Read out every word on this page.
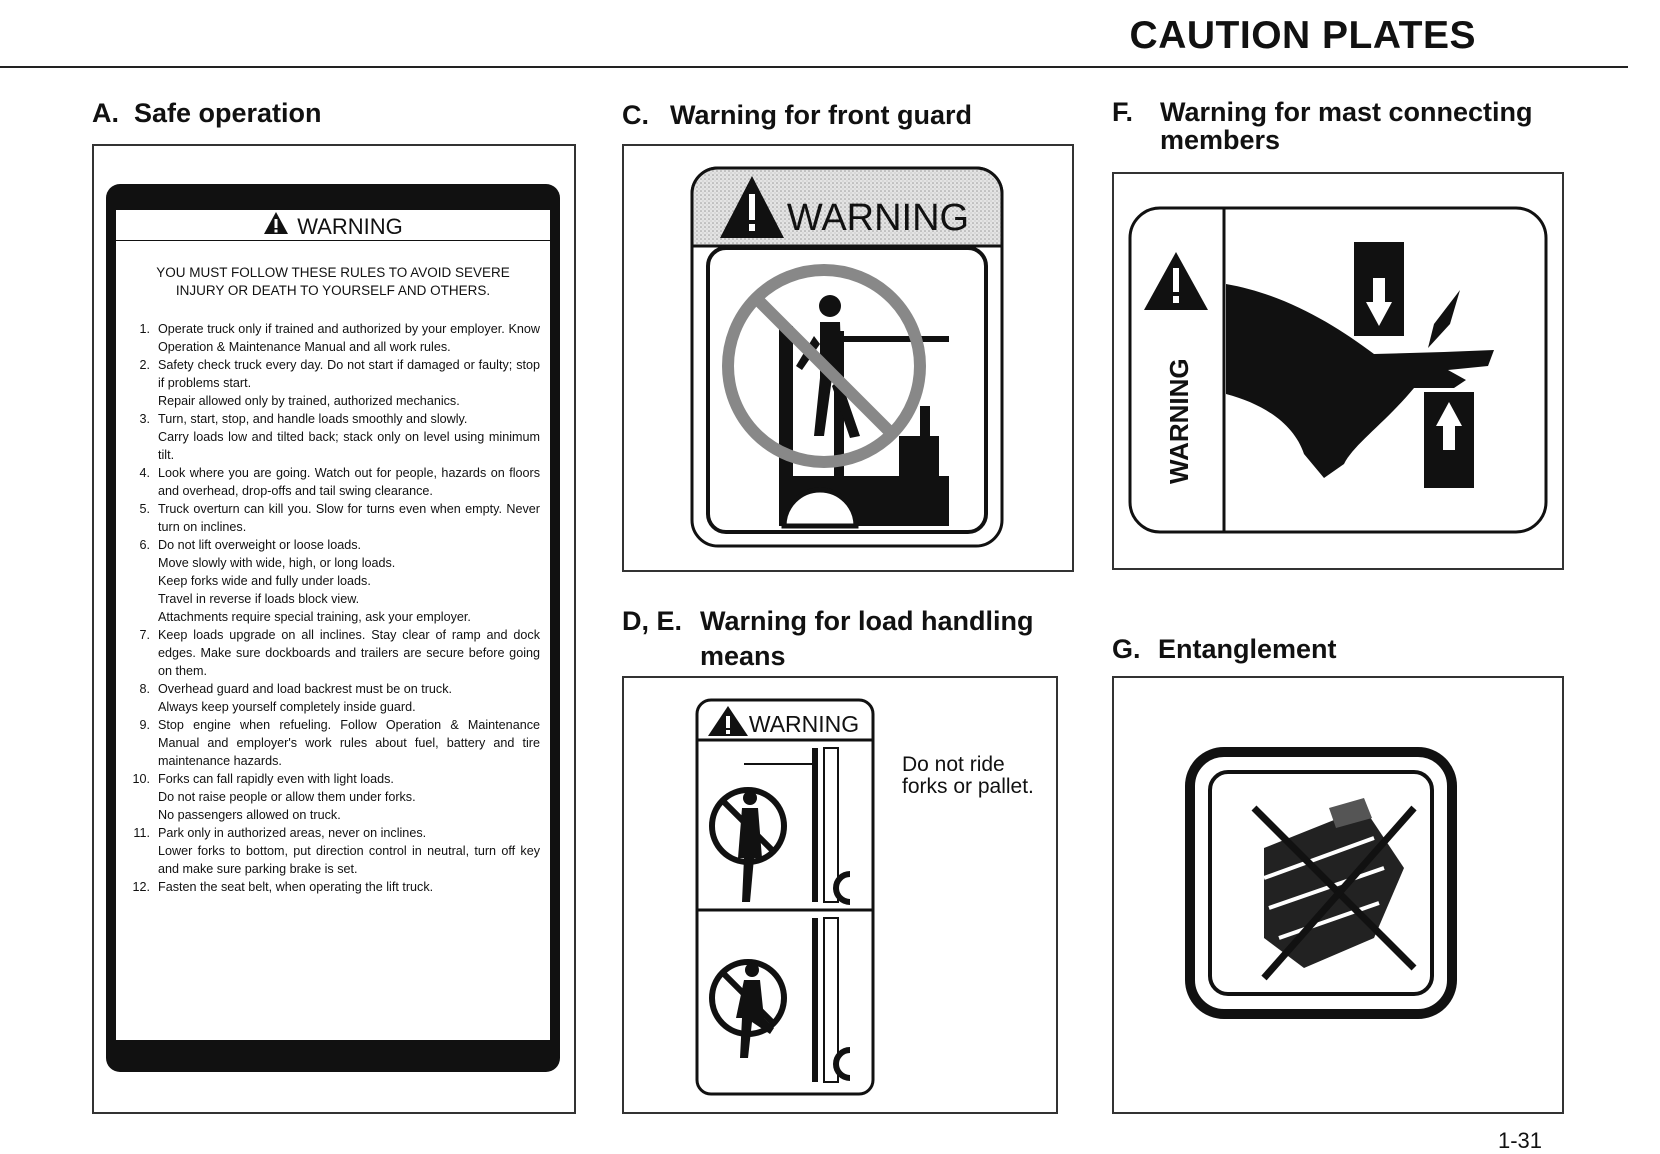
CAUTION PLATES
A. Safe operation	C. Warning for front guard
D, E. Warning for load handling
means
F. Warning for mast connecting
members
G. Entanglement
WARNING
YOU MUST FOLLOW THESE RULES TO AVOID SEVERE
INJURY OR DEATH TO YOURSELF AND OTHERS.
1. Operate truck only if trained and authorized by your employer. Know Operation & Maintenance Manual and all work rules.
2. Safety check truck every day. Do not start if damaged or faulty; stop if problems start.
Repair allowed only by trained, authorized mechanics.
3. Turn, start, stop, and handle loads smoothly and slowly.
Carry loads low and tilted back; stack only on level using minimum tilt.
4. Look where you are going. Watch out for people, hazards on floors and overhead, drop-offs and tail swing clearance.
5. Truck overturn can kill you. Slow for turns even when empty. Never turn on inclines.
6. Do not lift overweight or loose loads.
Move slowly with wide, high, or long loads.
Keep forks wide and fully under loads.
Travel in reverse if loads block view.
Attachments require special training, ask your employer.
7. Keep loads upgrade on all inclines. Stay clear of ramp and dock edges. Make sure dockboards and trailers are secure before going on them.
8. Overhead guard and load backrest must be on truck.
Always keep yourself completely inside guard.
9. Stop engine when refueling. Follow Operation & Maintenance Manual and employer's work rules about fuel, battery and tire maintenance hazards.
10. Forks can fall rapidly even with light loads.
Do not raise people or allow them under forks.
No passengers allowed on truck.
11. Park only in authorized areas, never on inclines.
Lower forks to bottom, put direction control in neutral, turn off key and make sure parking brake is set.
12. Fasten the seat belt, when operating the lift truck.
WARNING
WARNING
Do not ride
forks or pallet.
WARNING
1-31
